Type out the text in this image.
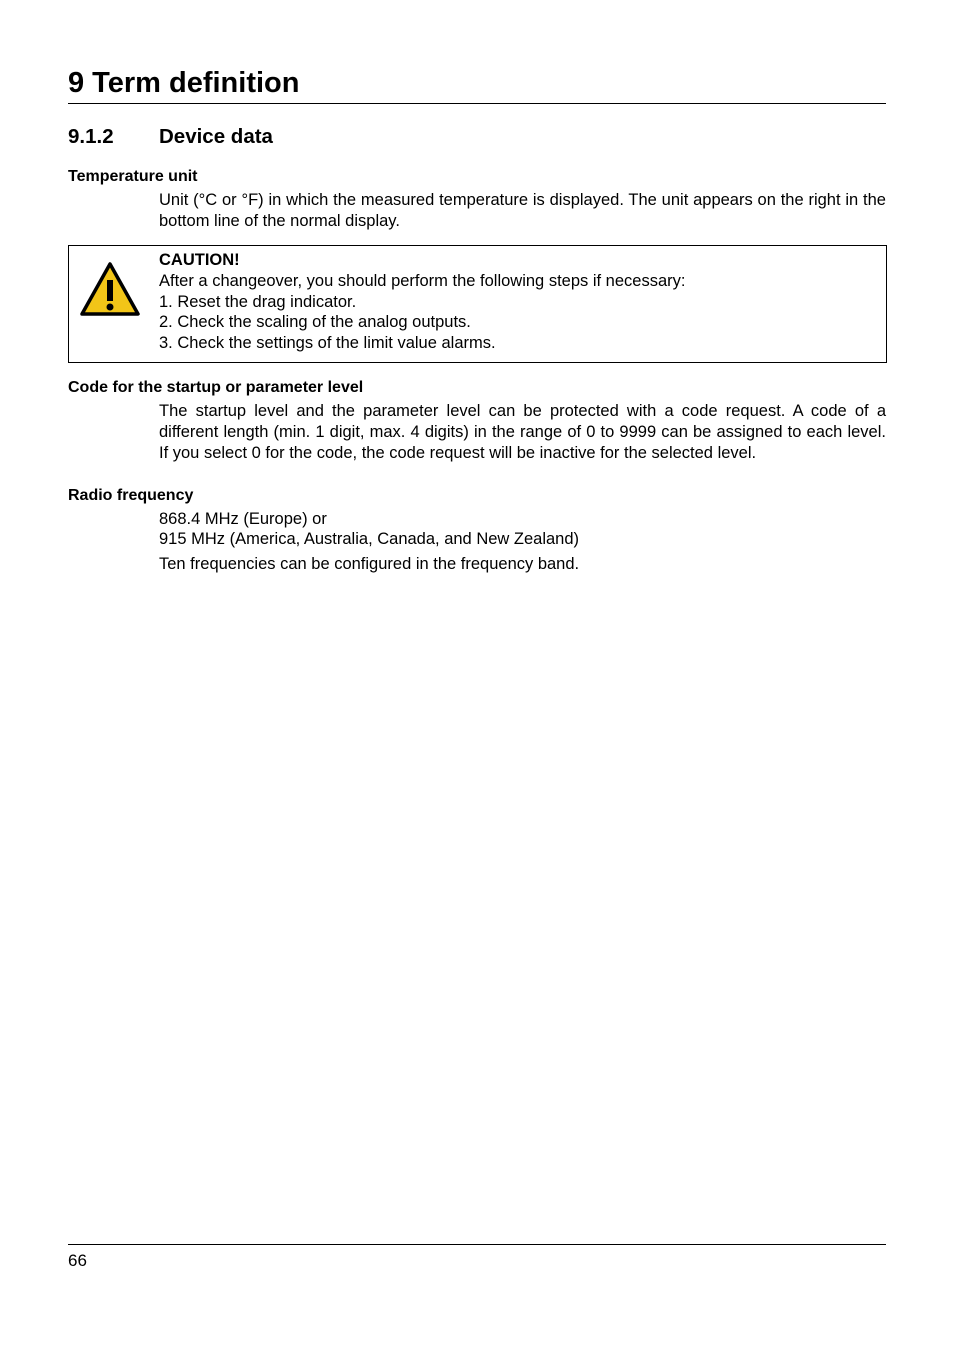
9 Term definition
9.1.2 Device data
Temperature unit

Unit (°C or °F) in which the measured temperature is displayed. The unit appears on the right in the bottom line of the normal display.

CAUTION!
After a changeover, you should perform the following steps if necessary:
1. Reset the drag indicator.
2. Check the scaling of the analog outputs.
3. Check the settings of the limit value alarms.
Code for the startup or parameter level

The startup level and the parameter level can be protected with a code request. A code of a different length (min. 1 digit, max. 4 digits) in the range of 0 to 9999 can be assigned to each level. If you select 0 for the code, the code request will be inactive for the selected level.

Radio frequency

868.4 MHz (Europe) or

915 MHz (America, Australia, Canada, and New Zealand)

Ten frequencies can be configured in the frequency band.

66
